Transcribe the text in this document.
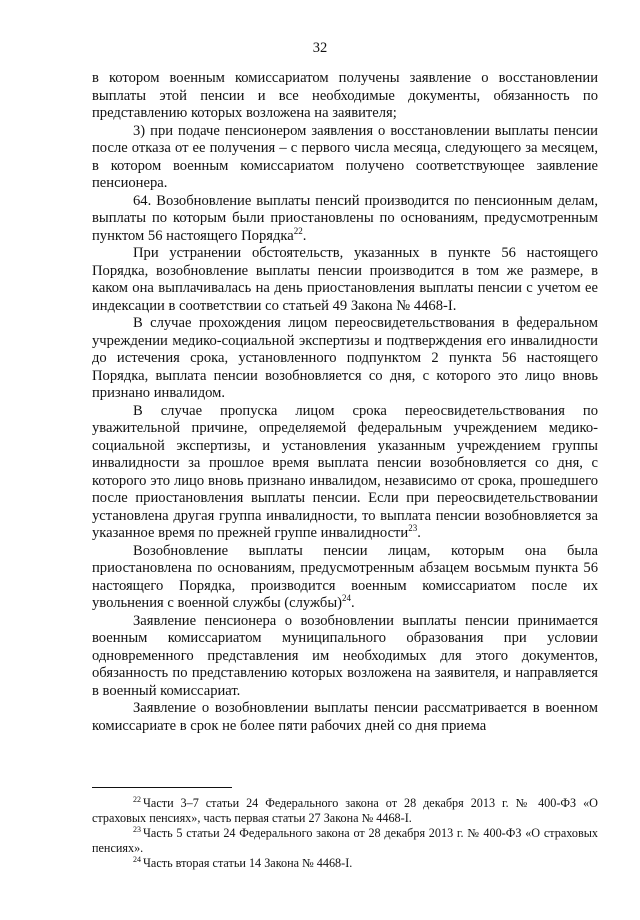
32

в котором военным комиссариатом получены заявление о восстановлении выплаты этой пенсии и все необходимые документы, обязанность по представлению которых возложена на заявителя;

3) при подаче пенсионером заявления о восстановлении выплаты пенсии после отказа от ее получения – с первого числа месяца, следующего за месяцем, в котором военным комиссариатом получено соответствующее заявление пенсионера.

64. Возобновление выплаты пенсий производится по пенсионным делам, выплаты по которым были приостановлены по основаниям, предусмотренным пунктом 56 настоящего Порядка$^{22}$.

При устранении обстоятельств, указанных в пункте 56 настоящего Порядка, возобновление выплаты пенсии производится в том же размере, в каком она выплачивалась на день приостановления выплаты пенсии с учетом ее индексации в соответствии со статьей 49 Закона № 4468-I.

В случае прохождения лицом переосвидетельствования в федеральном учреждении медико-социальной экспертизы и подтверждения его инвалидности до истечения срока, установленного подпунктом 2 пункта 56 настоящего Порядка, выплата пенсии возобновляется со дня, с которого это лицо вновь признано инвалидом.

В случае пропуска лицом срока переосвидетельствования по уважительной причине, определяемой федеральным учреждением медико-социальной экспертизы, и установления указанным учреждением группы инвалидности за прошлое время выплата пенсии возобновляется со дня, с которого это лицо вновь признано инвалидом, независимо от срока, прошедшего после приостановления выплаты пенсии. Если при переосвидетельствовании установлена другая группа инвалидности, то выплата пенсии возобновляется за указанное время по прежней группе инвалидности$^{23}$.

Возобновление выплаты пенсии лицам, которым она была приостановлена по основаниям, предусмотренным абзацем восьмым пункта 56 настоящего Порядка, производится военным комиссариатом после их увольнения с военной службы (службы)$^{24}$.

Заявление пенсионера о возобновлении выплаты пенсии принимается военным комиссариатом муниципального образования при условии одновременного представления им необходимых для этого документов, обязанность по представлению которых возложена на заявителя, и направляется в военный комиссариат.

Заявление о возобновлении выплаты пенсии рассматривается в военном комиссариате в срок не более пяти рабочих дней со дня приема

$^{22}$ Части 3–7 статьи 24 Федерального закона от 28 декабря 2013 г. № 400-ФЗ «О страховых пенсиях», часть первая статьи 27 Закона № 4468-I.

$^{23}$ Часть 5 статьи 24 Федерального закона от 28 декабря 2013 г. № 400-ФЗ «О страховых пенсиях».

$^{24}$ Часть вторая статьи 14 Закона № 4468-I.
